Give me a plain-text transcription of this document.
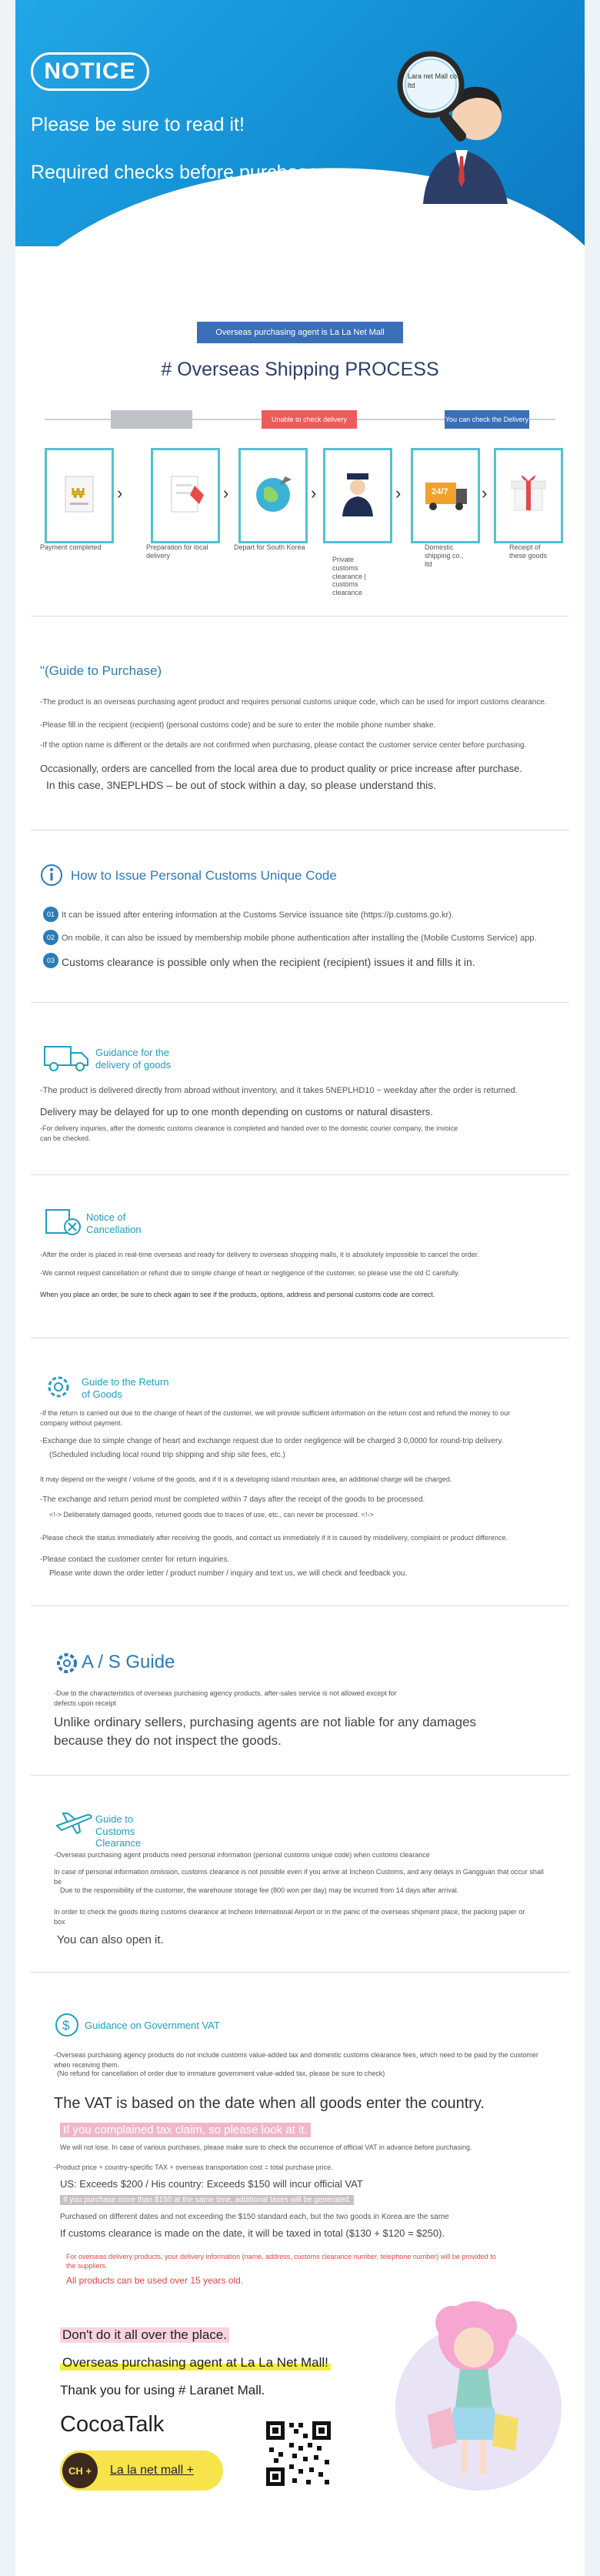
NOTICE
Please be sure to read it!
Required checks before purchase
Lara net Mall co., ltd
Overseas purchasing agent is La La Net Mall
# Overseas Shipping PROCESS
Unable to check delivery	You can check the Delivery
₩ ›	›	›	›	24/7 ›
Payment completed	Preparation for local delivery
Depart for South Korea
Private customs clearance | customs clearance
Domestic shipping co., ltd
Receipt of these goods
"(Guide to Purchase)
-The product is an overseas purchasing agent product and requires personal customs unique code, which can be used for import customs clearance.
-Please fill in the recipient (recipient) (personal customs code) and be sure to enter the mobile phone number shake.
-If the option name is different or the details are not confirmed when purchasing, please contact the customer service center before purchasing.
Occasionally, orders are cancelled from the local area due to product quality or price increase after purchase.
In this case, 3NEPLHDS – be out of stock within a day, so please understand this.
How to Issue Personal Customs Unique Code
01 It can be issued after entering information at the Customs Service issuance site (https://p.customs.go.kr).
02 On mobile, it can also be issued by membership mobile phone authentication after installing the (Mobile Customs Service) app.
03 Customs clearance is possible only when the recipient (recipient) issues it and fills it in.
Guidance for the delivery of goods
-The product is delivered directly from abroad without inventory, and it takes 5NEPLHD10 ~ weekday after the order is returned.
Delivery may be delayed for up to one month depending on customs or natural disasters.
-For delivery inquiries, after the domestic customs clearance is completed and handed over to the domestic courier company, the invoice can be checked.
Notice of Cancellation
-After the order is placed in real-time overseas and ready for delivery to overseas shopping malls, it is absolutely impossible to cancel the order.
-We cannot request cancellation or refund due to simple change of heart or negligence of the customer, so please use the old C carefully.
When you place an order, be sure to check again to see if the products, options, address and personal customs code are correct.
Guide to the Return of Goods
-If the return is carried out due to the change of heart of the customer, we will provide sufficient information on the return cost and refund the money to our company without payment.
-Exchange due to simple change of heart and exchange request due to order negligence will be charged 3 0,0000 for round-trip delivery.
(Scheduled including local round trip shipping and ship site fees, etc.)
It may depend on the weight / volume of the goods, and if it is a developing island mountain area, an additional charge will be charged.
-The exchange and return period must be completed within 7 days after the receipt of the goods to be processed.
<!-> Deliberately damaged goods, returned goods due to traces of use, etc., can never be processed. <!->
-Please check the status immediately after receiving the goods, and contact us immediately if it is caused by misdelivery, complaint or product difference.
-Please contact the customer center for return inquiries.
Please write down the order letter / product number / inquiry and text us, we will check and feedback you.
A / S Guide
-Due to the characteristics of overseas purchasing agency products, after-sales service is not allowed except for defects upon receipt
Unlike ordinary sellers, purchasing agents are not liable for any damages because they do not inspect the goods.
Guide to Customs Clearance
-Overseas purchasing agent products need personal information (personal customs unique code) when customs clearance
In case of personal information omission, customs clearance is not possible even if you arrive at Incheon Customs, and any delays in Gangguan that occur shall be
Due to the responsibility of the customer, the warehouse storage fee (800 won per day) may be incurred from 14 days after arrival.
In order to check the goods during customs clearance at Incheon International Airport or in the panic of the overseas shipment place, the packing paper or box
You can also open it.
$ Guidance on Government VAT
-Overseas purchasing agency products do not include customs value-added tax and domestic customs clearance fees, which need to be paid by the customer when receiving them.
(No refund for cancellation of order due to immature government value-added tax, please be sure to check)
The VAT is based on the date when all goods enter the country.
If you complained tax claim, so please look at it.
We will not lose. In case of various purchases, please make sure to check the occurrence of official VAT in advance before purchasing.
-Product price + country-specific TAX + overseas transportation cost = total purchase price.
US: Exceeds $200 / His country: Exceeds $150 will incur official VAT
If you purchase more than $150 at the same time, additional taxes will be generated.
Purchased on different dates and not exceeding the $150 standard each, but the two goods in Korea are the same
If customs clearance is made on the date, it will be taxed in total ($130 + $120 = $250).
For overseas delivery products, your delivery information (name, address, customs clearance number, telephone number) will be provided to the suppliers.
All products can be used over 15 years old.
Don't do it all over the place.
Overseas purchasing agent at La La Net Mall!
Thank you for using # Laranet Mall.
CocoaTalk
CH +	La la net mall +
